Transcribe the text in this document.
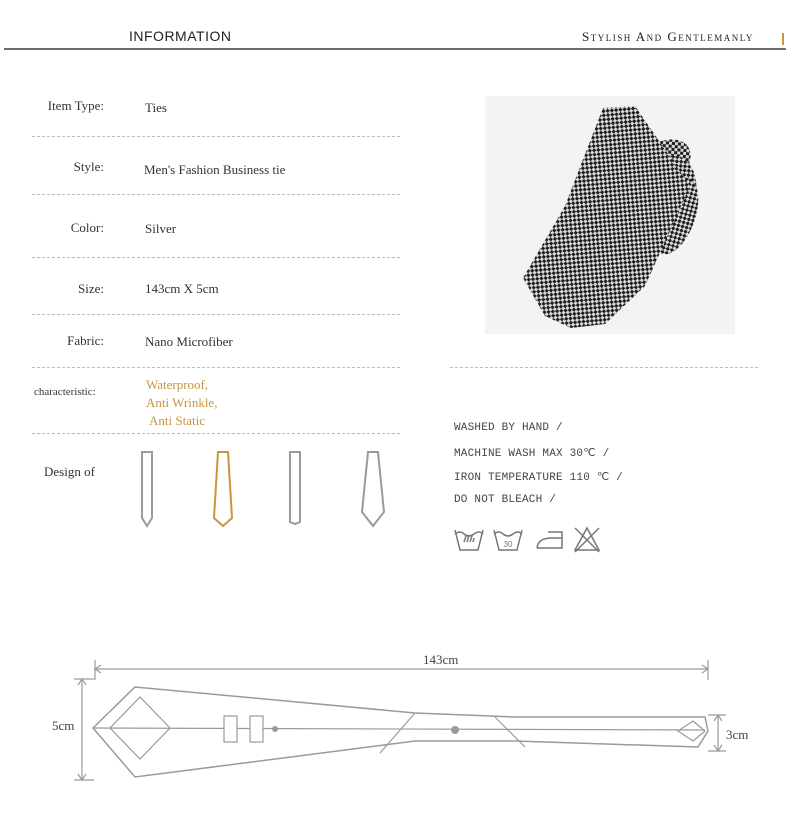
INFORMATION	Stylish And Gentlemanly
Item Type:	Ties
Style:	Men's Fashion Business tie
Color:	Silver
Size:	143cm X 5cm
Fabric:	Nano Microfiber
characteristic:	Waterproof,
Anti Wrinkle,
Anti Static
Design of
WASHED BY HAND /
MACHINE WASH MAX 30℃ /
IRON TEMPERATURE 110 ℃ /
DO NOT BLEACH /
30
143cm
5cm
3cm
